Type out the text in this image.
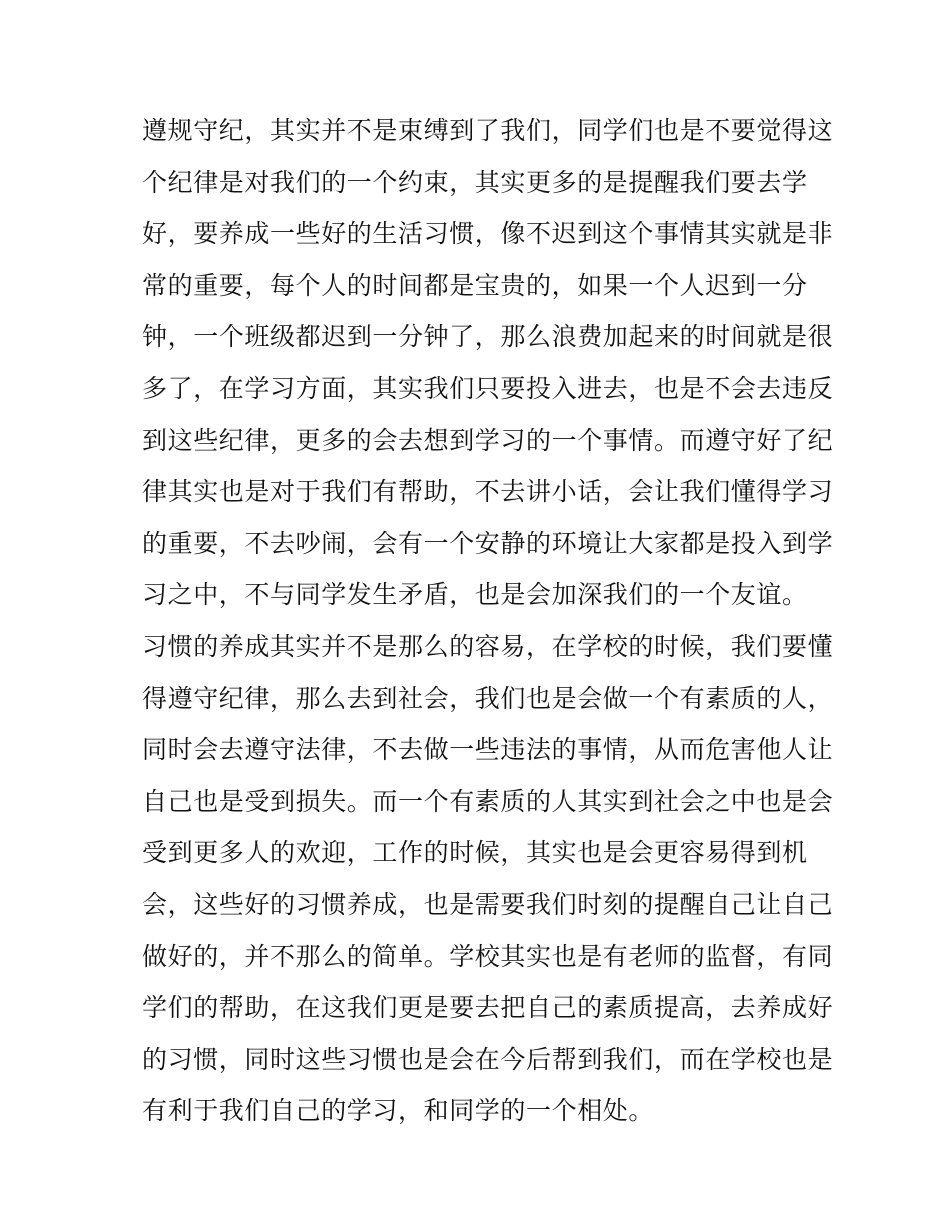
遵规守纪，其实并不是束缚到了我们，同学们也是不要觉得这
个纪律是对我们的一个约束，其实更多的是提醒我们要去学
好，要养成一些好的生活习惯，像不迟到这个事情其实就是非
常的重要，每个人的时间都是宝贵的，如果一个人迟到一分
钟，一个班级都迟到一分钟了，那么浪费加起来的时间就是很
多了，在学习方面，其实我们只要投入进去，也是不会去违反
到这些纪律，更多的会去想到学习的一个事情。而遵守好了纪
律其实也是对于我们有帮助，不去讲小话，会让我们懂得学习
的重要，不去吵闹，会有一个安静的环境让大家都是投入到学
习之中，不与同学发生矛盾，也是会加深我们的一个友谊。
习惯的养成其实并不是那么的容易，在学校的时候，我们要懂
得遵守纪律，那么去到社会，我们也是会做一个有素质的人，
同时会去遵守法律，不去做一些违法的事情，从而危害他人让
自己也是受到损失。而一个有素质的人其实到社会之中也是会
受到更多人的欢迎，工作的时候，其实也是会更容易得到机
会，这些好的习惯养成，也是需要我们时刻的提醒自己让自己
做好的，并不那么的简单。学校其实也是有老师的监督，有同
学们的帮助，在这我们更是要去把自己的素质提高，去养成好
的习惯，同时这些习惯也是会在今后帮到我们，而在学校也是
有利于我们自己的学习，和同学的一个相处。
